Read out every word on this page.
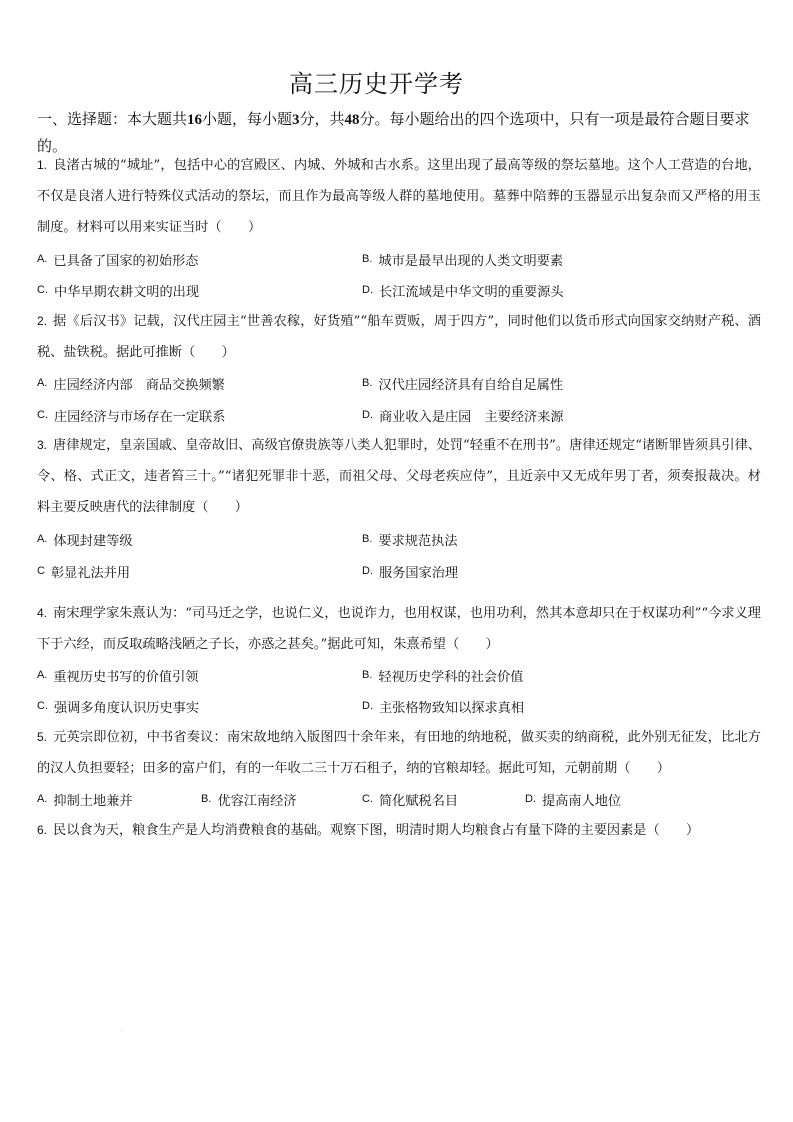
高三历史开学考
一、选择题：本大题共16小题，每小题3分，共48分。每小题给出的四个选项中，只有一项是最符合题目要求的。
1. 良渚古城的“城址”，包括中心的宫殿区、内城、外城和古水系。这里出现了最高等级的祭坛墓地。这个人工营造的台地，不仅是良渚人进行特殊仪式活动的祭坛，而且作为最高等级人群的墓地使用。墓葬中陪葬的玉器显示出复杂而又严格的用玉制度。材料可以用来实证当时（　　）
$^{A.}$ 已具备了国家的初始形态	$^{B.}$ 城市是最早出现的人类文明要素
$^{C.}$ 中华早期农耕文明的出现	$^{D.}$ 长江流域是中华文明的重要源头
2. 据《后汉书》记载，汉代庄园主“世善农稼，好货殖”“船车贾贩，周于四方”，同时他们以货币形式向国家交纳财产税、酒税、盐铁税。据此可推断（　　）
$^{A.}$ 庄园经济内部　商品交换频繁	$^{B.}$ 汉代庄园经济具有自给自足属性
$^{C.}$ 庄园经济与市场存在一定联系	$^{D.}$ 商业收入是庄园　主要经济来源
3. 唐律规定，皇亲国戚、皇帝故旧、高级官僚贵族等八类人犯罪时，处罚“轻重不在刑书”。唐律还规定“诸断罪皆须具引律、令、格、式正文，违者笞三十。”“诸犯死罪非十恶，而祖父母、父母老疾应侍”，且近亲中又无成年男丁者，须奏报裁决。材料主要反映唐代的法律制度（　　）
$^{A.}$ 体现封建等级	$^{B.}$ 要求规范执法
$^C$ 彰显礼法并用	$^{D.}$ 服务国家治理
4. 南宋理学家朱熹认为：“司马迁之学，也说仁义，也说诈力，也用权谋，也用功利，然其本意却只在于权谋功利”“今求义理下于六经，而反取疏略浅陋之子长，亦惑之甚矣。”据此可知，朱熹希望（　　）
$^{A.}$ 重视历史书写的价值引领	$^{B.}$ 轻视历史学科的社会价值
$^{C.}$ 强调多角度认识历史事实	$^{D.}$ 主张格物致知以探求真相
5. 元英宗即位初，中书省奏议：南宋故地纳入版图四十余年来，有田地的纳地税，做买卖的纳商税，此外别无征发，比北方的汉人负担要轻；田多的富户们，有的一年收二三十万石租子，纳的官粮却轻。据此可知，元朝前期（　　）
$^{A.}$ 抑制土地兼并	$^{B.}$ 优容江南经济	$^{C.}$ 简化赋税名目	$^{D.}$ 提高南人地位
6. 民以食为天，粮食生产是人均消费粮食的基础。观察下图，明清时期人均粮食占有量下降的主要因素是（　　）
·
